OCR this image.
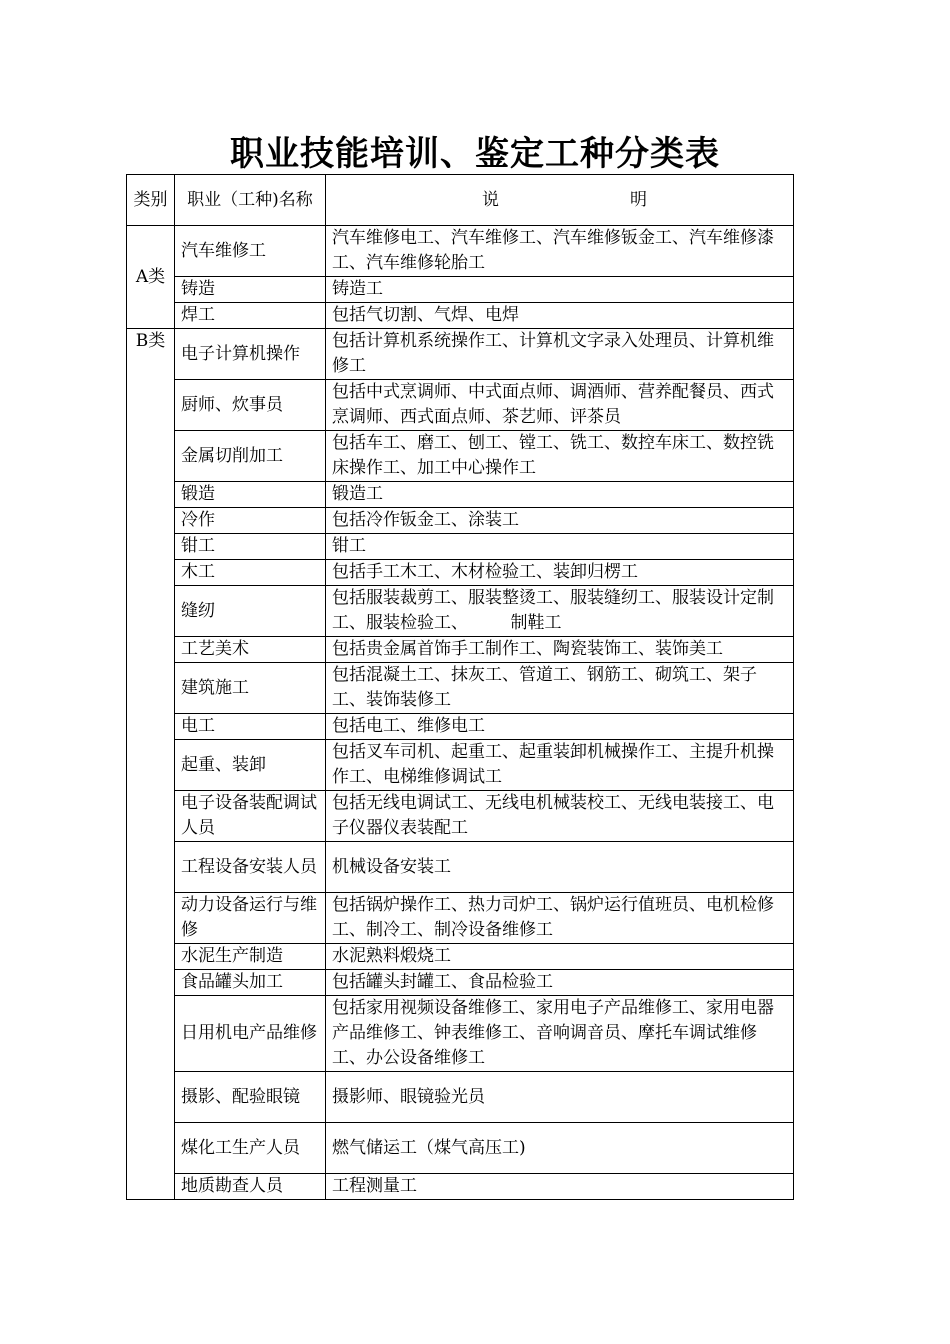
职业技能培训、鉴定工种分类表
类别	职业（工种)名称	说 明

A类	汽车维修工	汽车维修电工、汽车维修工、汽车维修钣金工、汽车维修漆工、汽车维修轮胎工
	铸造	铸造工
	焊工	包括气切割、气焊、电焊
B类	电子计算机操作	包括计算机系统操作工、计算机文字录入处理员、计算机维修工
	厨师、炊事员	包括中式烹调师、中式面点师、调酒师、营养配餐员、西式烹调师、西式面点师、茶艺师、评茶员
	金属切削加工	包括车工、磨工、刨工、镗工、铣工、数控车床工、数控铣床操作工、加工中心操作工
	锻造	锻造工
	冷作	包括冷作钣金工、涂装工
	钳工	钳工
	木工	包括手工木工、木材检验工、装卸归楞工
	缝纫	包括服装裁剪工、服装整烫工、服装缝纫工、服装设计定制工、服装检验工、　　　制鞋工
	工艺美术	包括贵金属首饰手工制作工、陶瓷装饰工、装饰美工
	建筑施工	包括混凝土工、抹灰工、管道工、钢筋工、砌筑工、架子工、装饰装修工
	电工	包括电工、维修电工
	起重、装卸	包括叉车司机、起重工、起重装卸机械操作工、主提升机操作工、电梯维修调试工
	电子设备装配调试人员	包括无线电调试工、无线电机械装校工、无线电装接工、电子仪器仪表装配工
	工程设备安装人员	机械设备安装工
	动力设备运行与维修	包括锅炉操作工、热力司炉工、锅炉运行值班员、电机检修工、制冷工、制冷设备维修工
	水泥生产制造	水泥熟料煅烧工
	食品罐头加工	包括罐头封罐工、食品检验工
	日用机电产品维修	包括家用视频设备维修工、家用电子产品维修工、家用电器产品维修工、钟表维修工、音响调音员、摩托车调试维修工、办公设备维修工
	摄影、配验眼镜	摄影师、眼镜验光员
	煤化工生产人员	燃气储运工（煤气高压工)
	地质勘查人员	工程测量工
